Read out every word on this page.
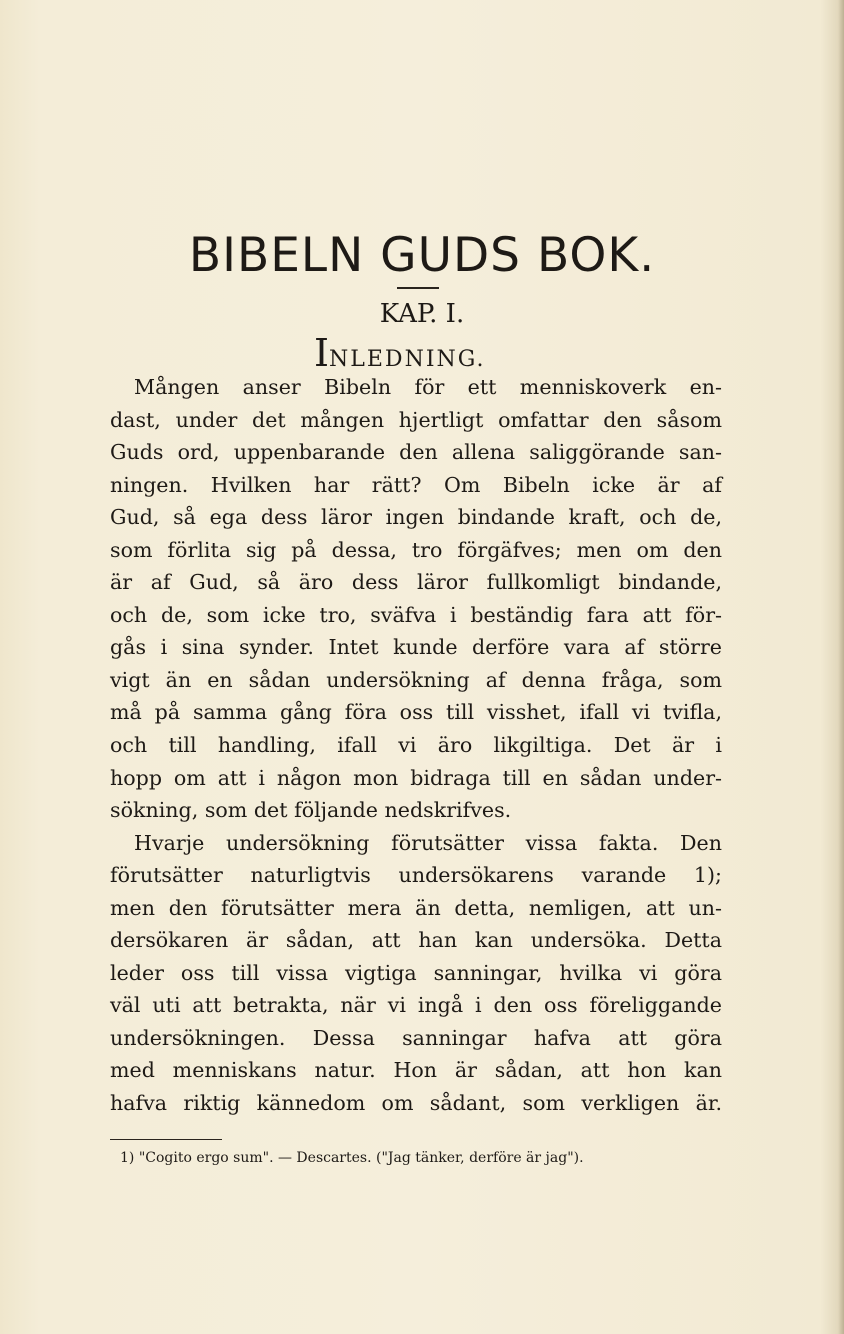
BIBELN GUDS BOK.
KAP. I.
INLEDNING.

Mången anser Bibeln för ett menniskoverk en-

dast, under det mången hjertligt omfattar den såsom

Guds ord, uppenbarande den allena saliggörande san-

ningen. Hvilken har rätt? Om Bibeln icke är af

Gud, så ega dess läror ingen bindande kraft, och de,

som förlita sig på dessa, tro förgäfves; men om den

är af Gud, så äro dess läror fullkomligt bindande,

och de, som icke tro, sväfva i beständig fara att för-

gås i sina synder. Intet kunde derföre vara af större

vigt än en sådan undersökning af denna fråga, som

må på samma gång föra oss till visshet, ifall vi tvifla,

och till handling, ifall vi äro likgiltiga. Det är i

hopp om att i någon mon bidraga till en sådan under-

sökning, som det följande nedskrifves.

Hvarje undersökning förutsätter vissa fakta. Den

förutsätter naturligtvis undersökarens varande 1);

men den förutsätter mera än detta, nemligen, att un-

dersökaren är sådan, att han kan undersöka. Detta

leder oss till vissa vigtiga sanningar, hvilka vi göra

väl uti att betrakta, när vi ingå i den oss föreliggande

undersökningen. Dessa sanningar hafva att göra

med menniskans natur. Hon är sådan, att hon kan

hafva riktig kännedom om sådant, som verkligen är.

1) "Cogito ergo sum". — Descartes. ("Jag tänker, derföre är jag").
